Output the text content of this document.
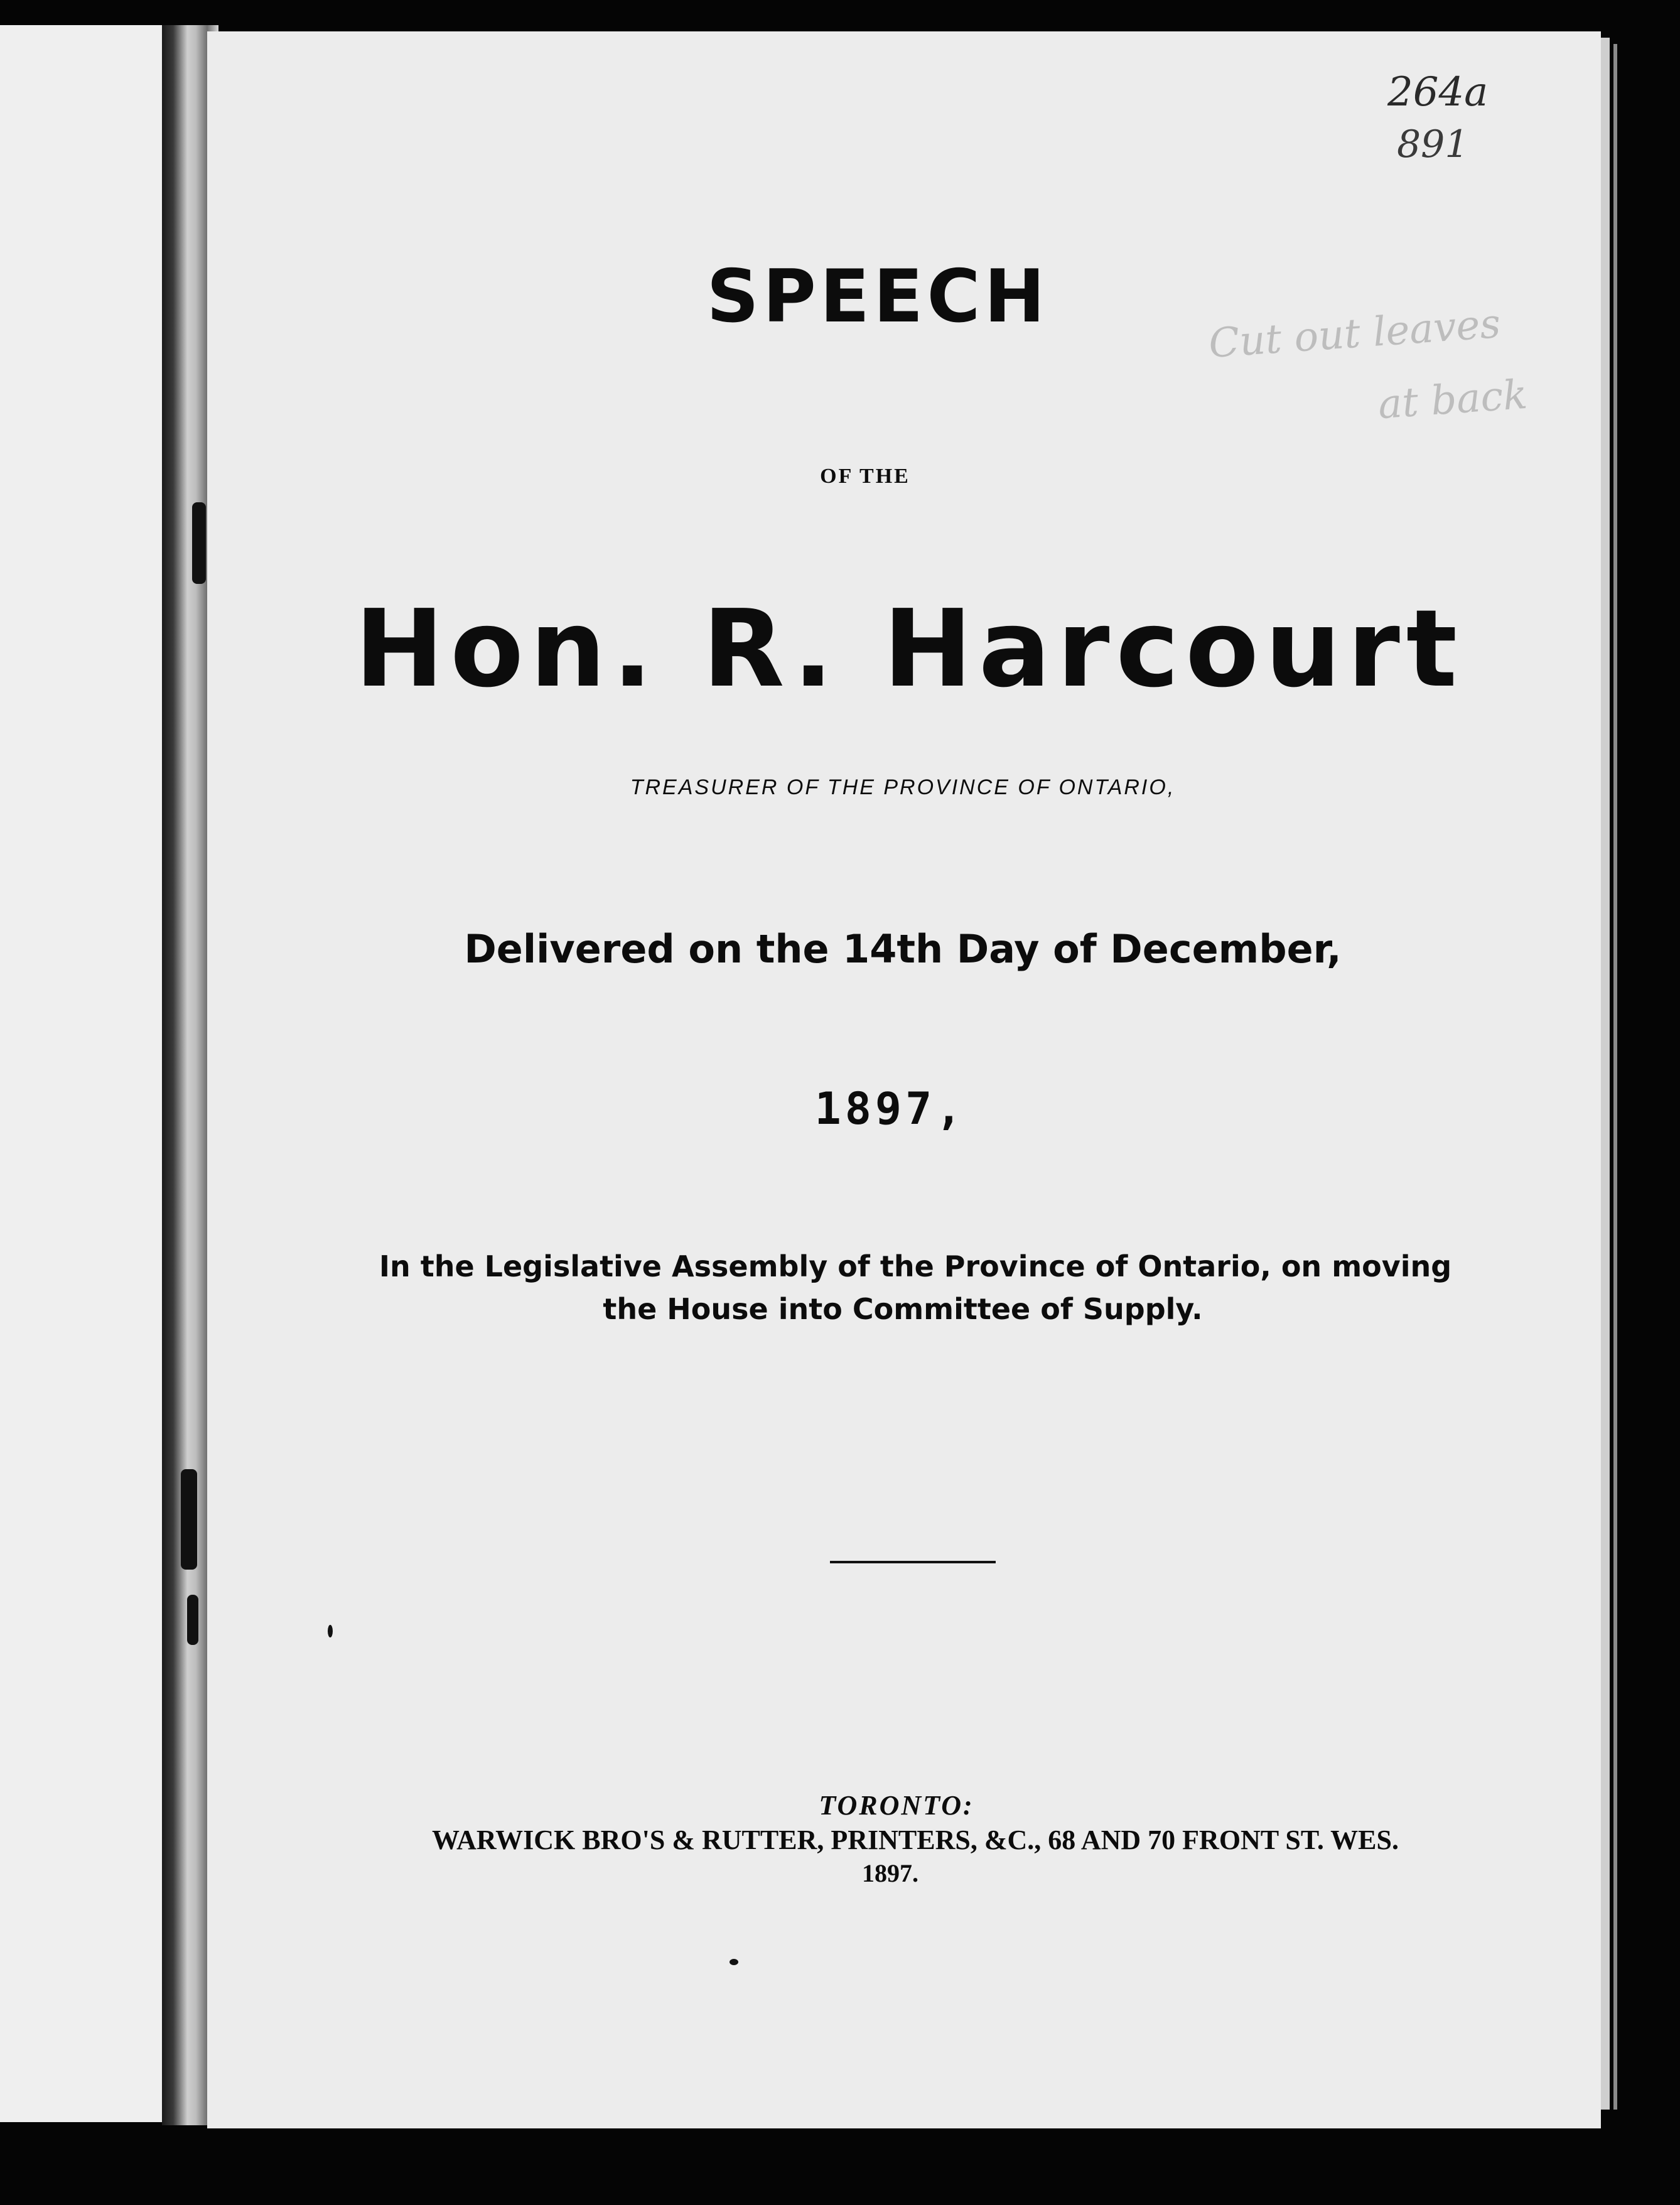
SPEECH
OF THE
Hon. R. Harcourt
TREASURER OF THE PROVINCE OF ONTARIO,
Delivered on the 14th Day of December,
1897,
In the Legislative Assembly of the Province of Ontario, on moving
the House into Committee of Supply.
TORONTO:
WARWICK BRO'S & RUTTER, PRINTERS, &C., 68 AND 70 FRONT ST. WES.
1897.
264a
891
Cut out leaves
at back
